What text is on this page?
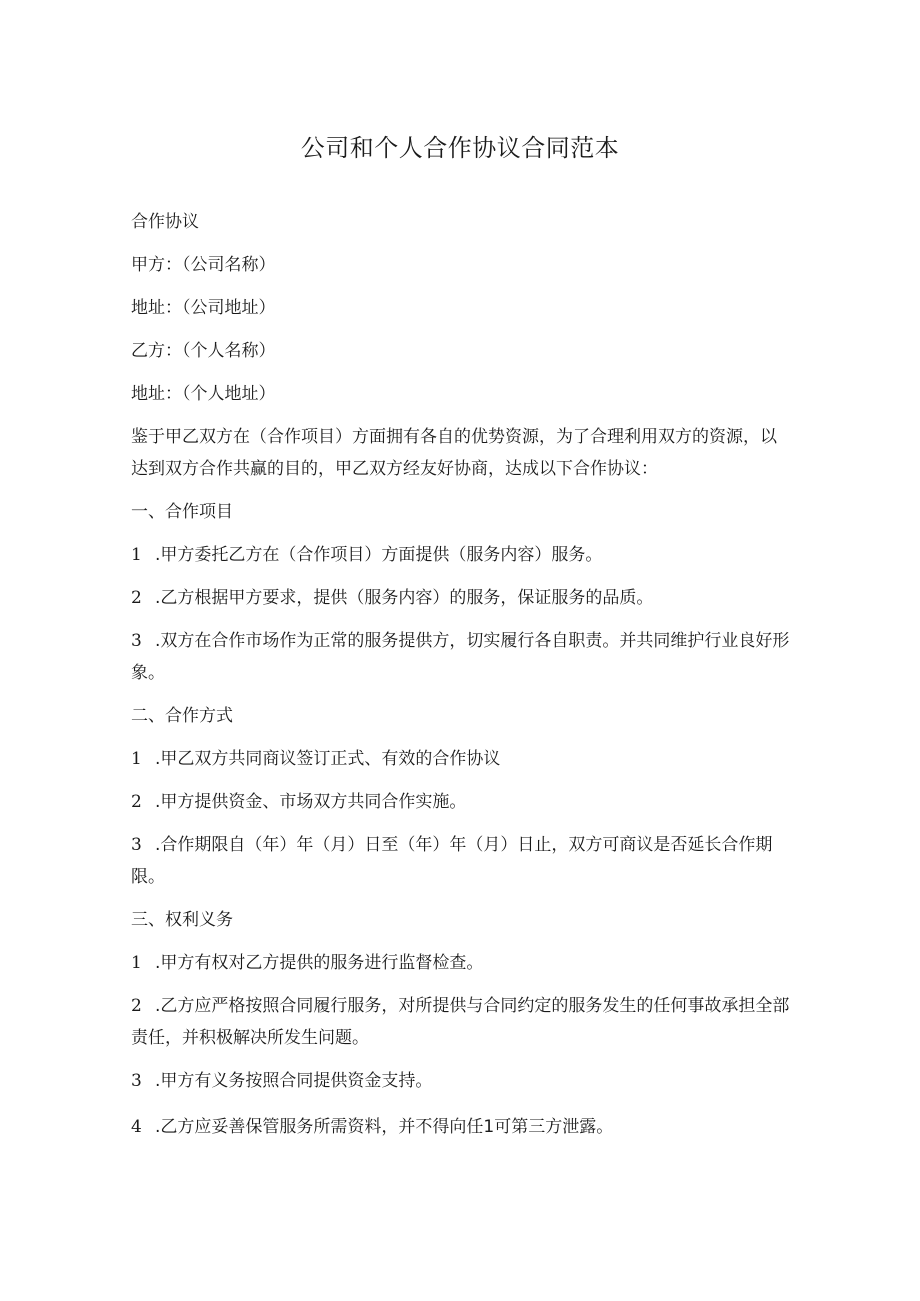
公司和个人合作协议合同范本

合作协议

甲方：（公司名称）

地址：（公司地址）

乙方：（个人名称）

地址：（个人地址）

鉴于甲乙双方在（合作项目）方面拥有各自的优势资源，为了合理利用双方的资源，以达到双方合作共赢的目的，甲乙双方经友好协商，达成以下合作协议：

一、合作项目

1 .甲方委托乙方在（合作项目）方面提供（服务内容）服务。

2 .乙方根据甲方要求，提供（服务内容）的服务，保证服务的品质。

3 .双方在合作市场作为正常的服务提供方，切实履行各自职责。并共同维护行业良好形象。

二、合作方式

1 .甲乙双方共同商议签订正式、有效的合作协议

2 .甲方提供资金、市场双方共同合作实施。

3 .合作期限自（年）年（月）日至（年）年（月）日止，双方可商议是否延长合作期限。

三、权利义务

1 .甲方有权对乙方提供的服务进行监督检查。

2 .乙方应严格按照合同履行服务，对所提供与合同约定的服务发生的任何事故承担全部责任，并积极解决所发生问题。

3 .甲方有义务按照合同提供资金支持。

4 .乙方应妥善保管服务所需资料，并不得向任1可第三方泄露。
